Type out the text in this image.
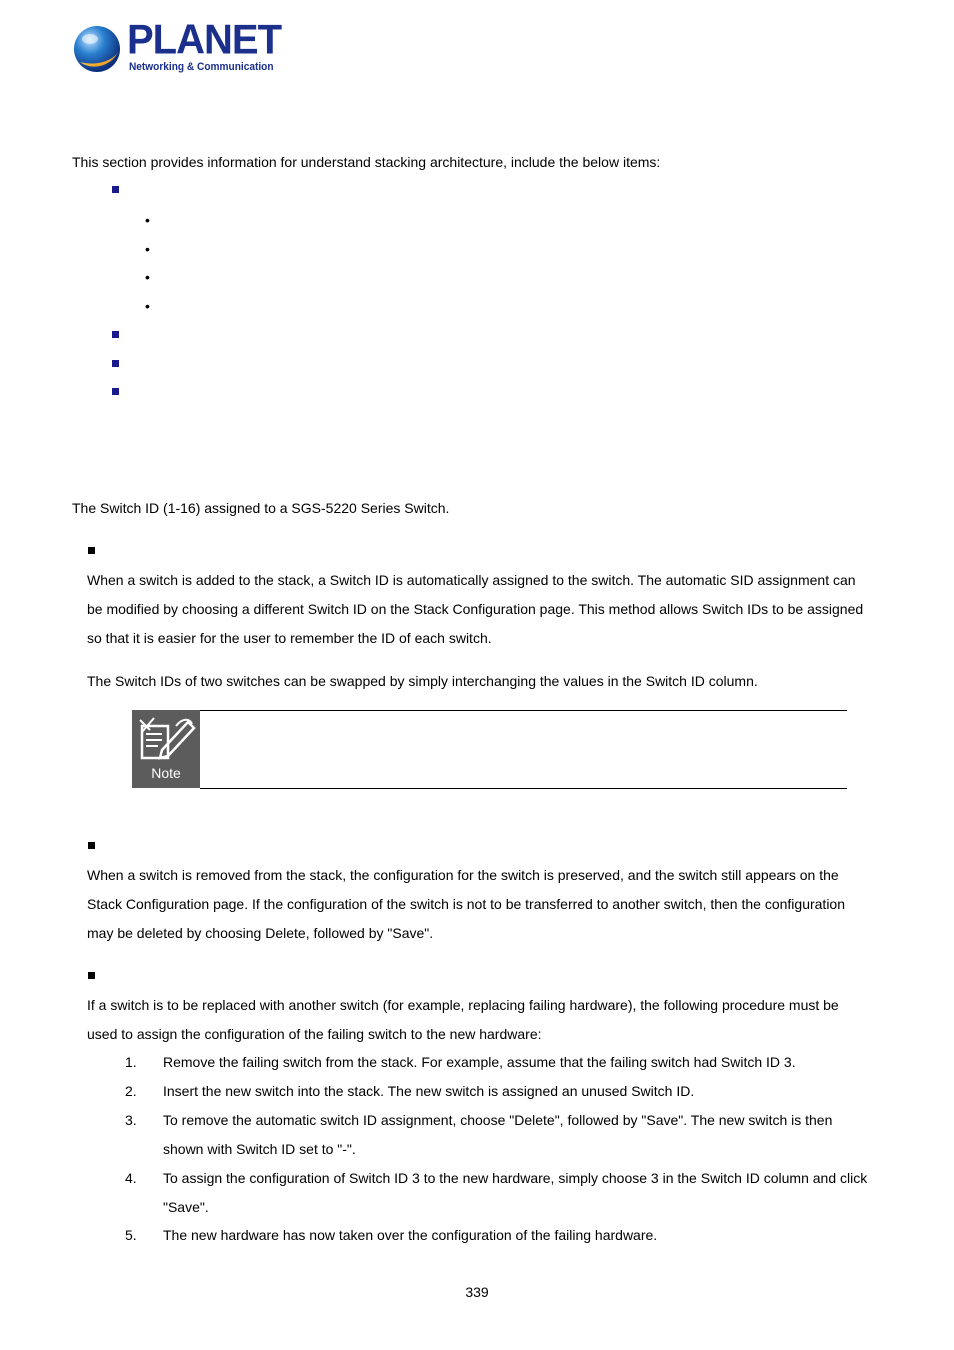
PLANET
Networking & Communication
This section provides information for understand stacking architecture, include the below items:
•
•
•
•
The Switch ID (1-16) assigned to a SGS-5220 Series Switch.
When a switch is added to the stack, a Switch ID is automatically assigned to the switch. The automatic SID assignment can
be modified by choosing a different Switch ID on the Stack Configuration page. This method allows Switch IDs to be assigned
so that it is easier for the user to remember the ID of each switch.
The Switch IDs of two switches can be swapped by simply interchanging the values in the Switch ID column.
Note
When a switch is removed from the stack, the configuration for the switch is preserved, and the switch still appears on the
Stack Configuration page. If the configuration of the switch is not to be transferred to another switch, then the configuration
may be deleted by choosing Delete, followed by "Save".
If a switch is to be replaced with another switch (for example, replacing failing hardware), the following procedure must be
used to assign the configuration of the failing switch to the new hardware:
1. Remove the failing switch from the stack. For example, assume that the failing switch had Switch ID 3.
2. Insert the new switch into the stack. The new switch is assigned an unused Switch ID.
3. To remove the automatic switch ID assignment, choose "Delete", followed by "Save". The new switch is then
shown with Switch ID set to "-".
4. To assign the configuration of Switch ID 3 to the new hardware, simply choose 3 in the Switch ID column and click
"Save".
5. The new hardware has now taken over the configuration of the failing hardware.
339
